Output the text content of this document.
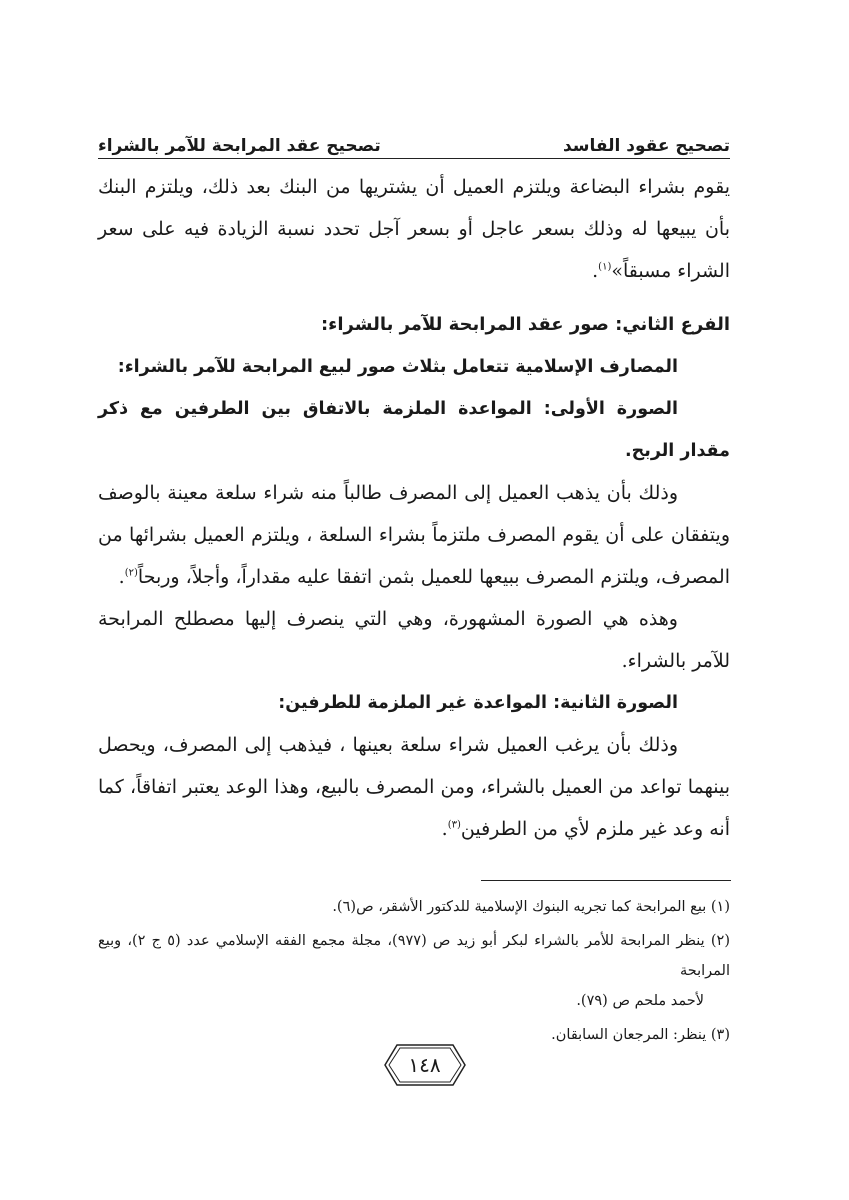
تصحيح عقود الفاسد
تصحيح عقد المرابحة للآمر بالشراء

يقوم بشراء البضاعة ويلتزم العميل أن يشتريها من البنك بعد ذلك، ويلتزم البنك بأن يبيعها له وذلك بسعر عاجل أو بسعر آجل تحدد نسبة الزيادة فيه على سعر الشراء مسبقاً»$^{(١)}$.

الفرع الثاني: صور عقد المرابحة للآمر بالشراء:

المصارف الإسلامية تتعامل بثلاث صور لبيع المرابحة للآمر بالشراء:

الصورة الأولى: المواعدة الملزمة بالاتفاق بين الطرفين مع ذكر مقدار الربح.

وذلك بأن يذهب العميل إلى المصرف طالباً منه شراء سلعة معينة بالوصف ويتفقان على أن يقوم المصرف ملتزماً بشراء السلعة ، ويلتزم العميل بشرائها من المصرف، ويلتزم المصرف ببيعها للعميل بثمن اتفقا عليه مقداراً، وأجلاً، وربحاً$^{(٢)}$.

وهذه هي الصورة المشهورة، وهي التي ينصرف إليها مصطلح المرابحة للآمر بالشراء.

الصورة الثانية: المواعدة غير الملزمة للطرفين:

وذلك بأن يرغب العميل شراء سلعة بعينها ، فيذهب إلى المصرف، ويحصل بينهما تواعد من العميل بالشراء، ومن المصرف بالبيع، وهذا الوعد يعتبر اتفاقاً، كما أنه وعد غير ملزم لأي من الطرفين$^{(٣)}$.

(١) بيع المرابحة كما تجريه البنوك الإسلامية للدكتور الأشقر، ص(٦).

(٢) ينظر المرابحة للأمر بالشراء لبكر أبو زيد ص (٩٧٧)، مجلة مجمع الفقه الإسلامي عدد (٥ ج ٢)، وبيع المرابحة
لأحمد ملحم ص (٧٩).

(٣) ينظر: المرجعان السابقان.

١٤٨
